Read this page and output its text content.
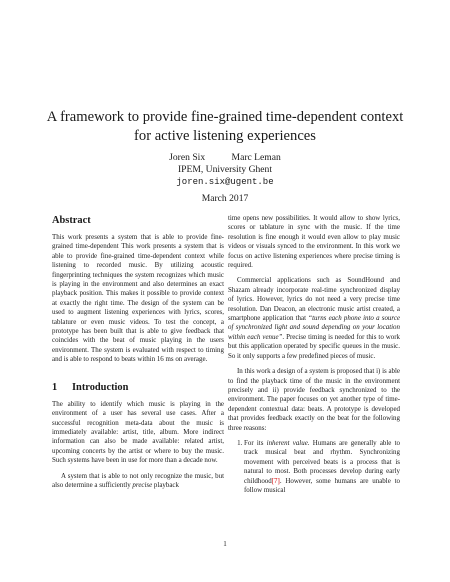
A framework to provide fine-grained time-dependent context for active listening experiences
Joren Six	Marc Leman
IPEM, University Ghent
joren.six@ugent.be
March 2017
Abstract

This work presents a system that is able to provide fine-grained time-dependent This work presents a system that is able to provide fine-grained time-dependent context while listening to recorded music. By utilizing acoustic fingerprinting techniques the system recognizes which music is playing in the environment and also determines an exact playback position. This makes it possible to provide context at exactly the right time. The design of the system can be used to augment listening experiences with lyrics, scores, tablature or even music videos. To test the concept, a prototype has been built that is able to give feedback that coincides with the beat of music playing in the users environment. The system is evaluated with respect to timing and is able to respond to beats within 16 ms on average.

1 Introduction

The ability to identify which music is playing in the environment of a user has several use cases. After a successful recognition meta-data about the music is immediately available: artist, title, album. More indirect information can also be made available: related artist, upcoming concerts by the artist or where to buy the music. Such systems have been in use for more than a decade now.

A system that is able to not only recognize the music, but also determine a sufficiently precise playback

time opens new possibilities. It would allow to show lyrics, scores or tablature in sync with the music. If the time resolution is fine enough it would even allow to play music videos or visuals synced to the environment. In this work we focus on active listening experiences where precise timing is required.

Commercial applications such as SoundHound and Shazam already incorporate real-time synchronized display of lyrics. However, lyrics do not need a very precise time resolution. Dan Deacon, an electronic music artist created, a smartphone application that “turns each phone into a source of synchronized light and sound depending on your location within each venue”. Precise timing is needed for this to work but this application operated by specific queues in the music. So it only supports a few predefined pieces of music.

In this work a design of a system is proposed that i) is able to find the playback time of the music in the environment precisely and ii) provide feedback synchronized to the environment. The paper focuses on yet another type of time-dependent contextual data: beats. A prototype is developed that provides feedback exactly on the beat for the following three reasons:

1. For its inherent value. Humans are generally able to track musical beat and rhythm. Synchronizing movement with perceived beats is a process that is natural to most. Both processes develop during early childhood[7]. However, some humans are unable to follow musical
1
